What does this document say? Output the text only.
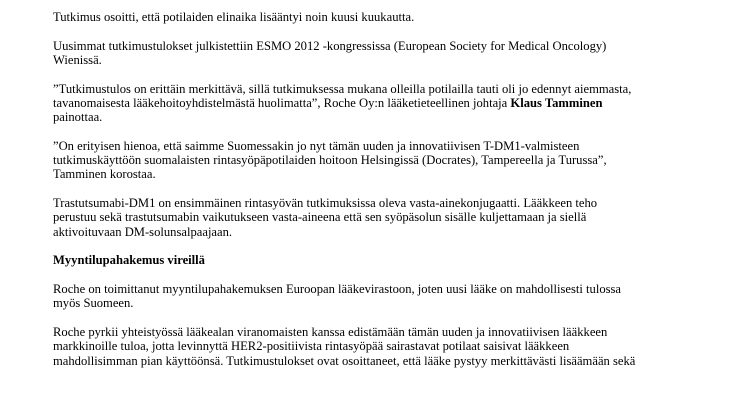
Tutkimus osoitti, että potilaiden elinaika lisääntyi noin kuusi kuukautta.

Uusimmat tutkimustulokset julkistettiin ESMO 2012 -kongressissa (European Society for Medical Oncology)
Wienissä.

”Tutkimustulos on erittäin merkittävä, sillä tutkimuksessa mukana olleilla potilailla tauti oli jo edennyt aiemmasta,
tavanomaisesta lääkehoitoyhdistelmästä huolimatta”, Roche Oy:n lääketieteellinen johtaja Klaus Tamminen
painottaa.

”On erityisen hienoa, että saimme Suomessakin jo nyt tämän uuden ja innovatiivisen T-DM1-valmisteen
tutkimuskäyttöön suomalaisten rintasyöpäpotilaiden hoitoon Helsingissä (Docrates), Tampereella ja Turussa”,
Tamminen korostaa.

Trastutsumabi-DM1 on ensimmäinen rintasyövän tutkimuksissa oleva vasta-ainekonjugaatti. Lääkkeen teho
perustuu sekä trastutsumabin vaikutukseen vasta-aineena että sen syöpäsolun sisälle kuljettamaan ja siellä
aktivoituvaan DM-solunsalpaajaan.

Myyntilupahakemus vireillä

Roche on toimittanut myyntilupahakemuksen Euroopan lääkevirastoon, joten uusi lääke on mahdollisesti tulossa
myös Suomeen.

Roche pyrkii yhteistyössä lääkealan viranomaisten kanssa edistämään tämän uuden ja innovatiivisen lääkkeen
markkinoille tuloa, jotta levinnyttä HER2-positiivista rintasyöpää sairastavat potilaat saisivat lääkkeen
mahdollisimman pian käyttöönsä. Tutkimustulokset ovat osoittaneet, että lääke pystyy merkittävästi lisäämään sekä
